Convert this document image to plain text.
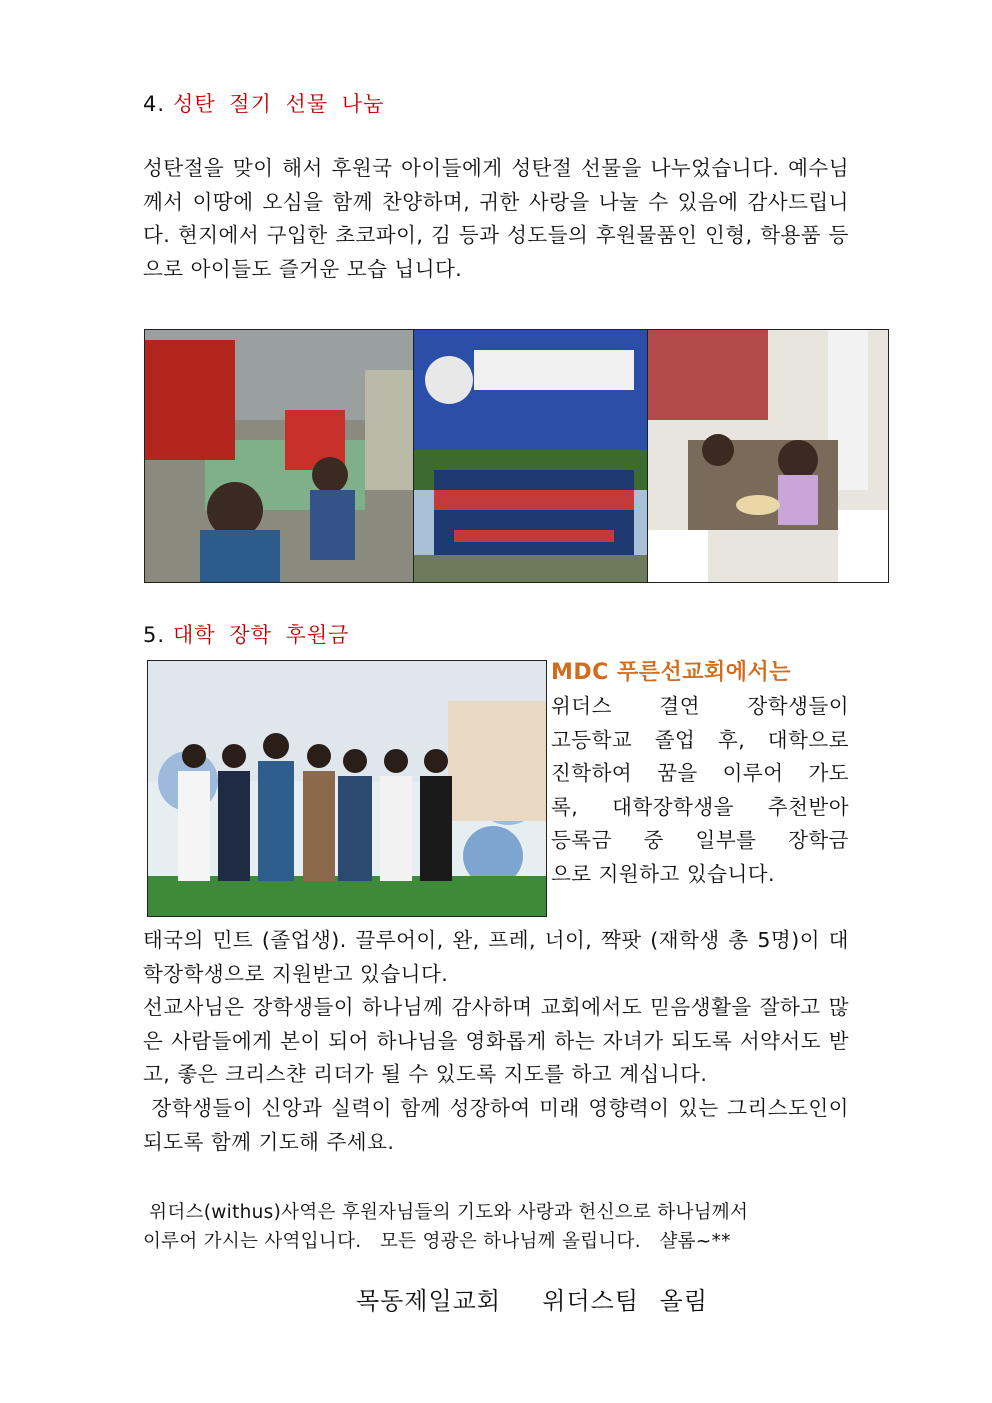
4. 성탄 절기 선물 나눔
성탄절을 맞이 해서 후원국 아이들에게 성탄절 선물을 나누었습니다. 예수님께서 이땅에 오심을 함께 찬양하며, 귀한 사랑을 나눌 수 있음에 감사드립니다. 현지에서 구입한 초코파이, 김 등과 성도들의 후원물품인 인형, 학용품 등으로 아이들도 즐거운 모습 닙니다.
5. 대학 장학 후원금
MDC 푸른선교회에서는
위더스 결연 장학생들이
고등학교 졸업 후, 대학으로
진학하여 꿈을 이루어 가도
록, 대학장학생을 추천받아
등록금 중 일부를 장학금
으로 지원하고 있습니다.
태국의 민트 (졸업생). 끌루어이, 완, 프레, 너이, 쨕팟 (재학생 총 5명)이 대학장학생으로 지원받고 있습니다.
선교사님은 장학생들이 하나님께 감사하며 교회에서도 믿음생활을 잘하고 많은 사람들에게 본이 되어 하나님을 영화롭게 하는 자녀가 되도록 서약서도 받고, 좋은 크리스챤 리더가 될 수 있도록 지도를 하고 계십니다.
장학생들이 신앙과 실력이 함께 성장하여 미래 영향력이 있는 그리스도인이 되도록 함께 기도해 주세요.
위더스(withus)사역은 후원자님들의 기도와 사랑과 헌신으로 하나님께서
이루어 가시는 사역입니다.   모든 영광은 하나님께 올립니다.   샬롬~**
목동제일교회  위더스팀 올림
